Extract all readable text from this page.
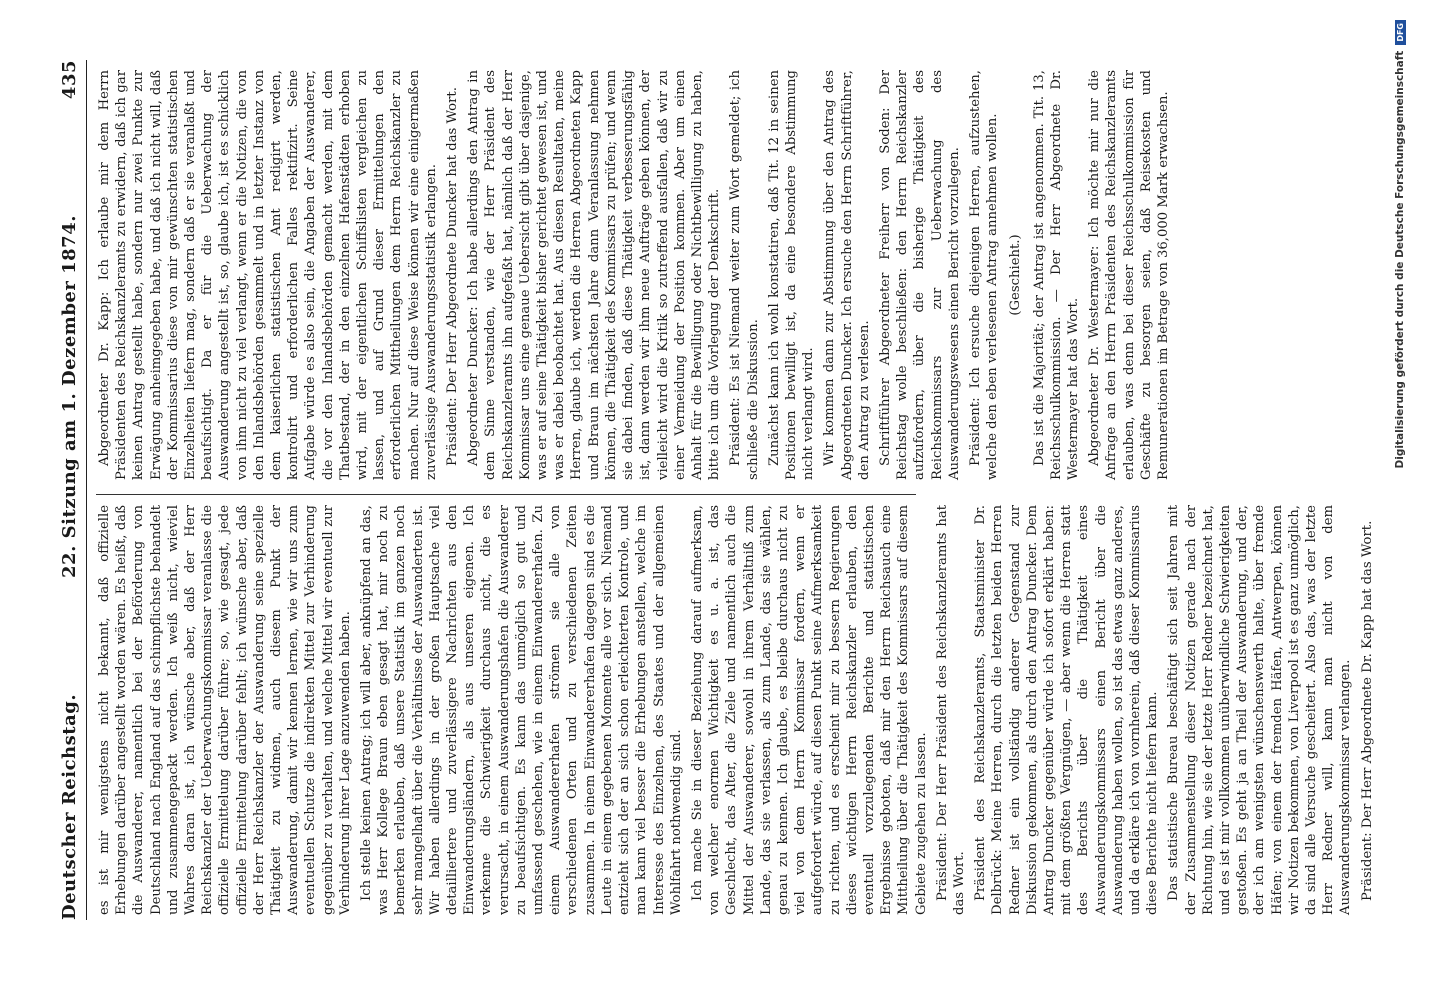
Deutscher Reichstag.
22. Sitzung am 1. Dezember 1874.
435

es ist mir wenigstens nicht bekannt, daß offizielle Erhebungen darüber angestellt worden wären. Es heißt, daß die Auswanderer, namentlich bei der Beförderung von Deutschland nach England auf das schimpflichste behandelt und zusammengepackt werden. Ich weiß nicht, wieviel Wahres daran ist, ich wünsche aber, daß der Herr Reichskanzler der Ueberwachungskommissar veranlasse die offizielle Ermittelung darüber führe; so, wie gesagt, jede offizielle Ermittelung darüber fehlt; ich wünsche aber, daß der Herr Reichskanzler der Auswanderung seine spezielle Thätigkeit zu widmen, auch diesem Punkt der Auswanderung, damit wir kennen lernen, wie wir uns zum eventuellen Schutze die indirekten Mittel zur Verhinderung gegenüber zu verhalten, und welche Mittel wir eventuell zur Verhinderung ihrer Lage anzuwenden haben. Ich stelle keinen Antrag; ich will aber, anknüpfend an das, was Herr Kollege Braun eben gesagt hat, mir noch zu bemerken erlauben, daß unsere Statistik im ganzen noch sehr mangelhaft über die Verhältnisse der Auswanderten ist. Wir haben allerdings in der großen Hauptsache viel detailliertere und zuverlässigere Nachrichten aus den Einwanderungsländern, als aus unseren eigenen. Ich verkenne die Schwierigkeit durchaus nicht, die es verursacht, in einem Auswanderungshafen die Auswanderer zu beaufsichtigen. Es kann das unmöglich so gut und umfassend geschehen, wie in einem Einwandererhafen. Zu einem Auswandererhafen strömen sie alle von verschiedenen Orten und zu verschiedenen Zeiten zusammen. In einem Einwandererhafen dagegen sind es die Leute in einem gegebenen Momente alle vor sich. Niemand entzieht sich der an sich schon erleichterten Kontrole, und man kann viel besser die Erhebungen anstellen, welche im Interesse des Einzelnen, des Staates und der allgemeinen Wohlfahrt nothwendig sind. Ich mache Sie in dieser Beziehung darauf aufmerksam, von welcher enormen Wichtigkeit es u. a. ist, das Geschlecht, das Alter, die Ziele und namentlich auch die Mittel der Auswanderer, sowohl in ihrem Verhältniß zum Lande, das sie verlassen, als zum Lande, das sie wählen, genau zu kennen. Ich glaube, es bleibe durchaus nicht zu viel von dem Herrn Kommissar fordern, wenn er aufgefordert würde, auf diesen Punkt seine Aufmerksamkeit zu richten, und es erscheint mir zu bessern Regierungen dieses wichtigen Herrn Reichskanzler erlauben, den eventuell vorzulegenden Berichte und statistischen Ergebnisse geboten, daß mir den Herrn Reichsauch eine Mittheilung über die Thätigkeit des Kommissars auf diesem Gebiete zugehen zu lassen. Präsident: Der Herr Präsident des Reichskanzleramts hat das Wort. Präsident des Reichskanzleramts, Staatsminister Dr. Delbrück: Meine Herren, durch die letzten beiden Herren Redner ist ein vollständig anderer Gegenstand zur Diskussion gekommen, als durch den Antrag Duncker. Dem Antrag Duncker gegenüber würde ich sofort erklärt haben: mit dem größten Vergnügen, — aber wenn die Herren statt des Berichts über die Thätigkeit eines Auswanderungskommissars einen Bericht über die Auswanderung haben wollen, so ist das etwas ganz anderes, und da erkläre ich von vornherein, daß dieser Kommissarius diese Berichte nicht liefern kann. Das statistische Bureau beschäftigt sich seit Jahren mit der Zusammenstellung dieser Notizen gerade nach der Richtung hin, wie sie der letzte Herr Redner bezeichnet hat, und es ist mir vollkommen unüberwindliche Schwierigkeiten gestoßen. Es geht ja an Theil der Auswanderung, und der, der ich am wenigsten wünschenswerth halte, über fremde Häfen; von einem der fremden Häfen, Antwerpen, können wir Notizen bekommen, von Liverpool ist es ganz unmöglich, da sind alle Versuche gescheitert. Also das, was der letzte Herr Redner will, kann man nicht von dem Auswanderungskommissar verlangen. Präsident: Der Herr Abgeordnete Dr. Kapp hat das Wort.

Abgeordneter Dr. Kapp: Ich erlaube mir dem Herrn Präsidenten des Reichskanzleramts zu erwidern, daß ich gar keinen Antrag gestellt habe, sondern nur zwei Punkte zur Erwägung anheimgegeben habe, und daß ich nicht will, daß der Kommissarius diese von mir gewünschten statistischen Einzelheiten liefern mag, sondern daß er sie veranlaßt und beaufsichtigt. Da er für die Ueberwachung der Auswanderung angestellt ist, so, glaube ich, ist es schicklich von ihm nicht zu viel verlangt, wenn er die Notizen, die von den Inlandsbehörden gesammelt und in letzter Instanz von dem kaiserlichen statistischen Amt redigirt werden, kontrolirt und erforderlichen Falles rektifizirt. Seine Aufgabe würde es also sein, die Angaben der Auswanderer, die vor den Inlandsbehörden gemacht werden, mit dem Thatbestand, der in den einzelnen Hafenstädten erhoben wird, mit der eigentlichen Schiffslisten vergleichen zu lassen, und auf Grund dieser Ermittelungen den erforderlichen Mittheilungen dem Herrn Reichskanzler zu machen. Nur auf diese Weise können wir eine einigermaßen zuverlässige Auswanderungsstatistik erlangen. Präsident: Der Herr Abgeordnete Duncker hat das Wort. Abgeordneter Duncker: Ich habe allerdings den Antrag in dem Sinne verstanden, wie der Herr Präsident des Reichskanzleramts ihn aufgefaßt hat, nämlich daß der Herr Kommissar uns eine genaue Uebersicht gibt über dasjenige, was er auf seine Thätigkeit bisher gerichtet gewesen ist, und was er dabei beobachtet hat. Aus diesen Resultaten, meine Herren, glaube ich, werden die Herren Abgeordneten Kapp und Braun im nächsten Jahre dann Veranlassung nehmen können, die Thätigkeit des Kommissars zu prüfen; und wenn sie dabei finden, daß diese Thätigkeit verbesserungsfähig ist, dann werden wir ihm neue Aufträge geben können, der vielleicht wird die Kritik so zutreffend ausfallen, daß wir zu einer Vermeidung der Position kommen. Aber um einen Anhalt für die Bewilligung oder Nichtbewilligung zu haben, bitte ich um die Vorlegung der Denkschrift. Präsident: Es ist Niemand weiter zum Wort gemeldet; ich schließe die Diskussion. Zunächst kann ich wohl konstatiren, daß Tit. 12 in seinen Positionen bewilligt ist, da eine besondere Abstimmung nicht verlangt wird. Wir kommen dann zur Abstimmung über den Antrag des Abgeordneten Duncker. Ich ersuche den Herrn Schriftführer, den Antrag zu verlesen. Schriftführer Abgeordneter Freiherr von Soden: Der Reichstag wolle beschließen: den Herrn Reichskanzler aufzufordern, über die bisherige Thätigkeit des Reichskommissars zur Ueberwachung des Auswanderungswesens einen Bericht vorzulegen. Präsident: Ich ersuche diejenigen Herren, aufzustehen, welche den eben verlesenen Antrag annehmen wollen. (Geschieht.) Das ist die Majorität; der Antrag ist angenommen. Tit. 13, Reichsschulkommission. — Der Herr Abgeordnete Dr. Westermayer hat das Wort. Abgeordneter Dr. Westermayer: Ich möchte mir nur die Anfrage an den Herrn Präsidenten des Reichskanzleramts erlauben, was denn bei dieser Reichsschulkommission für Geschäfte zu besorgen seien, daß Reisekosten und Remunerationen im Betrage von 36,000 Mark erwachsen.	Digitalisierung gefördert durch die Deutsche Forschungsgemeinschaft
DFG
